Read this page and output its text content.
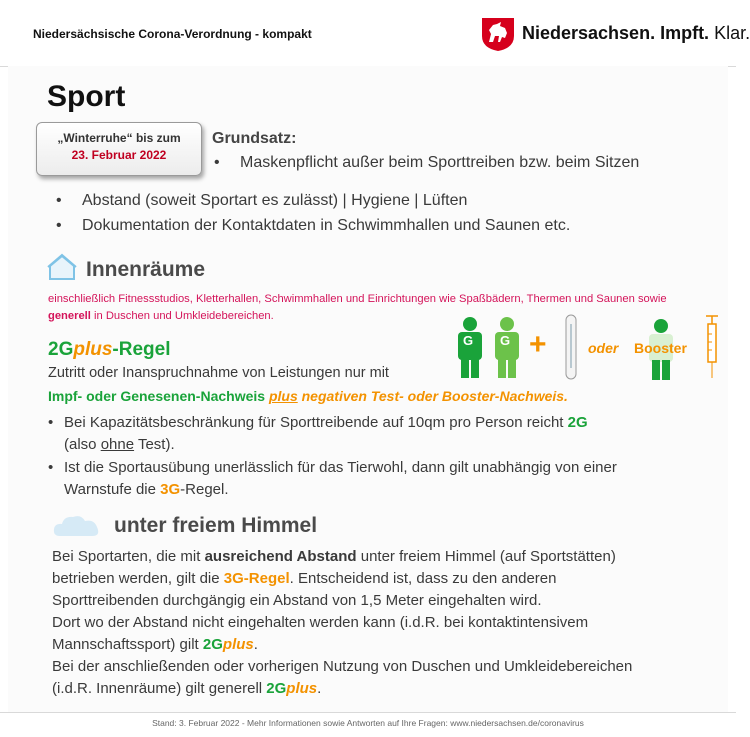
Niedersächsische Corona-Verordnung - kompakt	Niedersachsen. Impft. Klar.
Sport
„Winterruhe“ bis zum
23. Februar 2022
Grundsatz:
• Maskenpflicht außer beim Sporttreiben bzw. beim Sitzen
• Abstand (soweit Sportart es zulässt) | Hygiene | Lüften
• Dokumentation der Kontaktdaten in Schwimmhallen und Saunen etc.
Innenräume
einschließlich Fitnessstudios, Kletterhallen, Schwimmhallen und Einrichtungen wie Spaßbädern, Thermen und Saunen sowie generell in Duschen und Umkleidebereichen.
2Gplus-Regel	G G +	oder Booster
Zutritt oder Inanspruchnahme von Leistungen nur mit
Impf- oder Genesenen-Nachweis plus negativen Test- oder Booster-Nachweis.
• Bei Kapazitätsbeschränkung für Sporttreibende auf 10qm pro Person reicht 2G
(also ohne Test).
• Ist die Sportausübung unerlässlich für das Tierwohl, dann gilt unabhängig von einer
Warnstufe die 3G-Regel.
unter freiem Himmel
Bei Sportarten, die mit ausreichend Abstand unter freiem Himmel (auf Sportstätten)
betrieben werden, gilt die 3G-Regel. Entscheidend ist, dass zu den anderen
Sporttreibenden durchgängig ein Abstand von 1,5 Meter eingehalten wird.
Dort wo der Abstand nicht eingehalten werden kann (i.d.R. bei kontaktintensivem
Mannschaftssport) gilt 2Gplus.
Bei der anschließenden oder vorherigen Nutzung von Duschen und Umkleidebereichen
(i.d.R. Innenräume) gilt generell 2Gplus.
Stand: 3. Februar 2022 - Mehr Informationen sowie Antworten auf Ihre Fragen: www.niedersachsen.de/coronavirus
